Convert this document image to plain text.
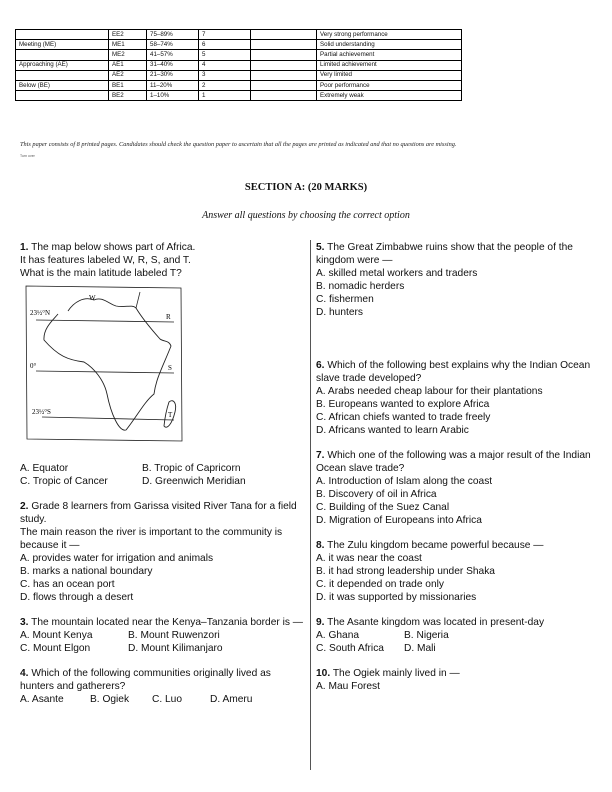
	EE2	75–89%	7		Very strong performance
Meeting (ME)	ME1	58–74%	6		Solid understanding
	ME2	41–57%	5		Partial achievement
Approaching (AE)	AE1	31–40%	4		Limited achievement
	AE2	21–30%	3		Very limited
Below (BE)	BE1	11–20%	2		Poor performance
	BE2	1–10%	1		Extremely weak
This paper consists of 8 printed pages. Candidates should check the question paper to ascertain that all the pages are printed as indicated and that no questions are missing.
Turn over
SECTION A: (20 MARKS)
Answer all questions by choosing the correct option

1. The map below shows part of Africa.

It has features labeled W, R, S, and T.

What is the main latitude labeled T?

23½°N
0°
23½°S
W
R
S
T
A. Equator	B. Tropic of Capricorn
C. Tropic of Cancer	D. Greenwich Meridian

2. Grade 8 learners from Garissa visited River Tana for a field study.

The main reason the river is important to the community is because it —

A. provides water for irrigation and animals

B. marks a national boundary

C. has an ocean port

D. flows through a desert

3. The mountain located near the Kenya–Tanzania border is —

A. Mount Kenya	B. Mount Ruwenzori
C. Mount Elgon	D. Mount Kilimanjaro

4. Which of the following communities originally lived as hunters and gatherers?

A. Asante	B. Ogiek	C. Luo	D. Ameru

5. The Great Zimbabwe ruins show that the people of the kingdom were —

A. skilled metal workers and traders

B. nomadic herders

C. fishermen

D. hunters

6. Which of the following best explains why the Indian Ocean slave trade developed?

A. Arabs needed cheap labour for their plantations

B. Europeans wanted to explore Africa

C. African chiefs wanted to trade freely

D. Africans wanted to learn Arabic

7. Which one of the following was a major result of the Indian Ocean slave trade?

A. Introduction of Islam along the coast

B. Discovery of oil in Africa

C. Building of the Suez Canal

D. Migration of Europeans into Africa

8. The Zulu kingdom became powerful because —

A. it was near the coast

B. it had strong leadership under Shaka

C. it depended on trade only

D. it was supported by missionaries

9. The Asante kingdom was located in present-day

A. Ghana	B. Nigeria
C. South Africa	D. Mali

10. The Ogiek mainly lived in —

A. Mau Forest
